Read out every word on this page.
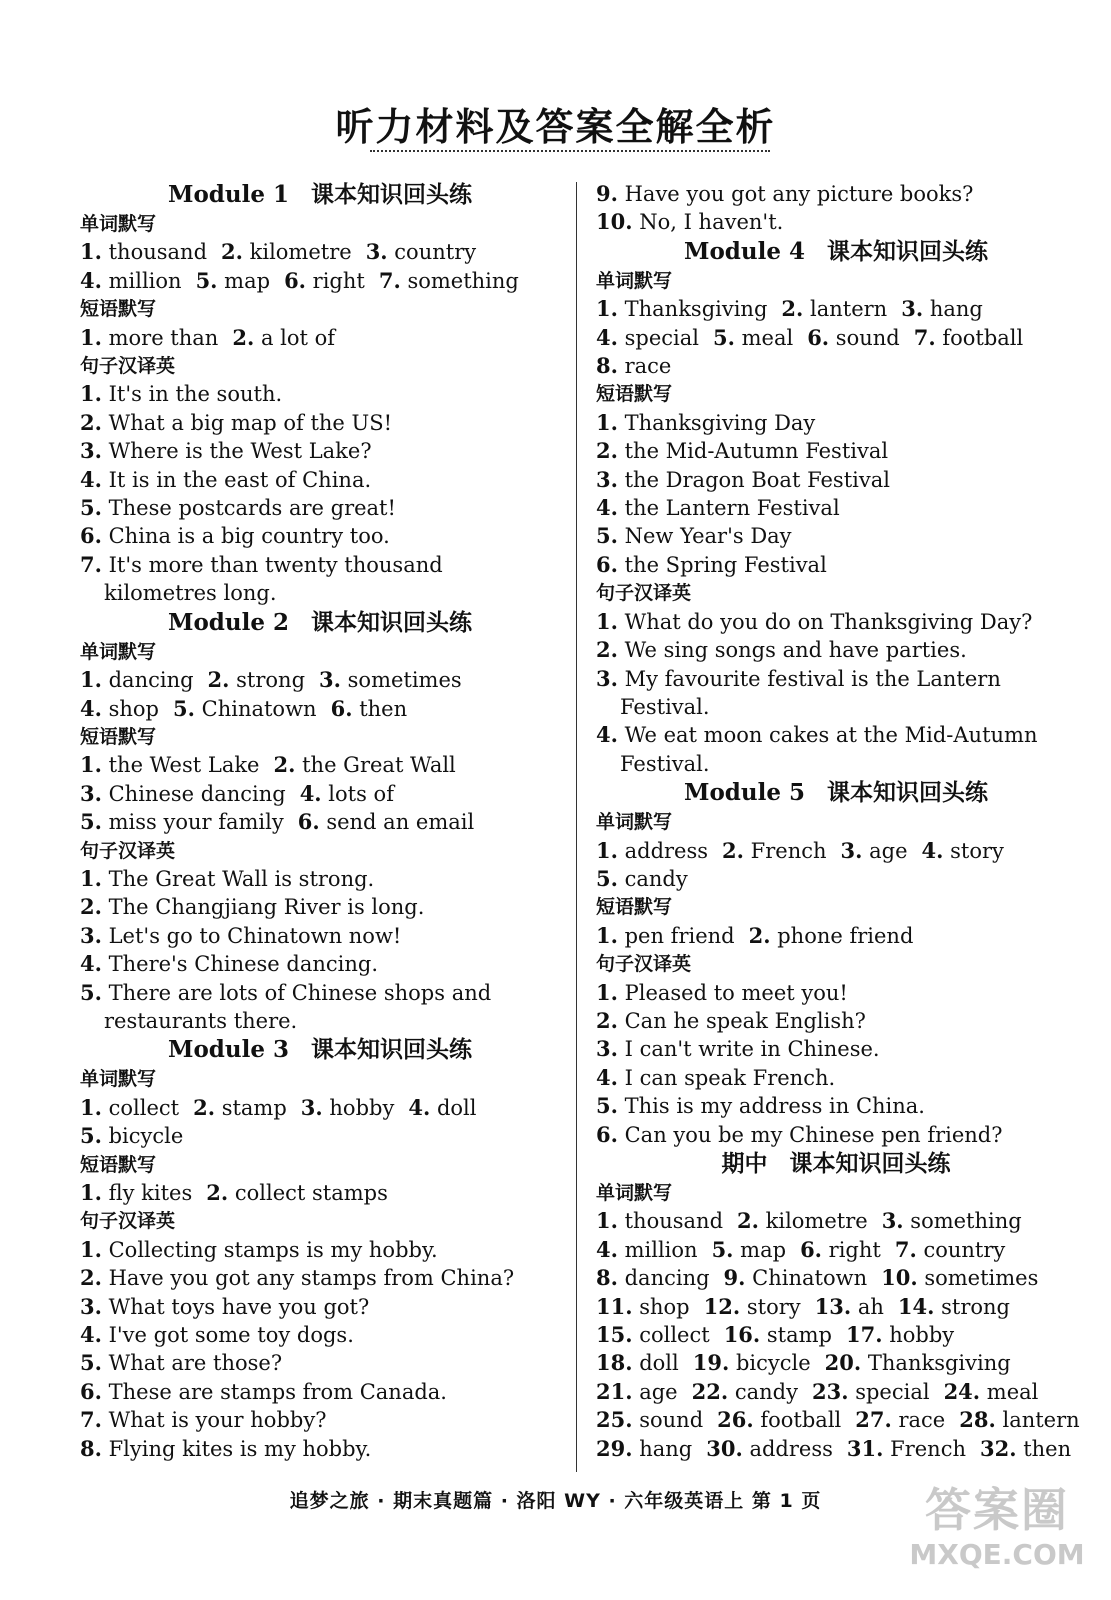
听力材料及答案全解全析
Module 1 课本知识回头练
单词默写
1. thousand 2. kilometre 3. country
4. million 5. map 6. right 7. something
短语默写
1. more than 2. a lot of
句子汉译英
1. It's in the south.
2. What a big map of the US!
3. Where is the West Lake?
4. It is in the east of China.
5. These postcards are great!
6. China is a big country too.
7. It's more than twenty thousand kilometres long.
Module 2 课本知识回头练
单词默写
1. dancing 2. strong 3. sometimes
4. shop 5. Chinatown 6. then
短语默写
1. the West Lake 2. the Great Wall
3. Chinese dancing 4. lots of
5. miss your family 6. send an email
句子汉译英
1. The Great Wall is strong.
2. The Changjiang River is long.
3. Let's go to Chinatown now!
4. There's Chinese dancing.
5. There are lots of Chinese shops and restaurants there.
Module 3 课本知识回头练
单词默写
1. collect 2. stamp 3. hobby 4. doll
5. bicycle
短语默写
1. fly kites 2. collect stamps
句子汉译英
1. Collecting stamps is my hobby.
2. Have you got any stamps from China?
3. What toys have you got?
4. I've got some toy dogs.
5. What are those?
6. These are stamps from Canada.
7. What is your hobby?
8. Flying kites is my hobby.
9. Have you got any picture books?
10. No, I haven't.
Module 4 课本知识回头练
单词默写
1. Thanksgiving 2. lantern 3. hang
4. special 5. meal 6. sound 7. football
8. race
短语默写
1. Thanksgiving Day
2. the Mid-Autumn Festival
3. the Dragon Boat Festival
4. the Lantern Festival
5. New Year's Day
6. the Spring Festival
句子汉译英
1. What do you do on Thanksgiving Day?
2. We sing songs and have parties.
3. My favourite festival is the Lantern Festival.
4. We eat moon cakes at the Mid-Autumn Festival.
Module 5 课本知识回头练
单词默写
1. address 2. French 3. age 4. story
5. candy
短语默写
1. pen friend 2. phone friend
句子汉译英
1. Pleased to meet you!
2. Can he speak English?
3. I can't write in Chinese.
4. I can speak French.
5. This is my address in China.
6. Can you be my Chinese pen friend?
期中 课本知识回头练
单词默写
1. thousand 2. kilometre 3. something
4. million 5. map 6. right 7. country
8. dancing 9. Chinatown 10. sometimes
11. shop 12. story 13. ah 14. strong
15. collect 16. stamp 17. hobby
18. doll 19. bicycle 20. Thanksgiving
21. age 22. candy 23. special 24. meal
25. sound 26. football 27. race 28. lantern
29. hang 30. address 31. French 32. then
追梦之旅 · 期末真题篇 · 洛阳 WY · 六年级英语上 第 1 页	答案圈
MXQE.COM
